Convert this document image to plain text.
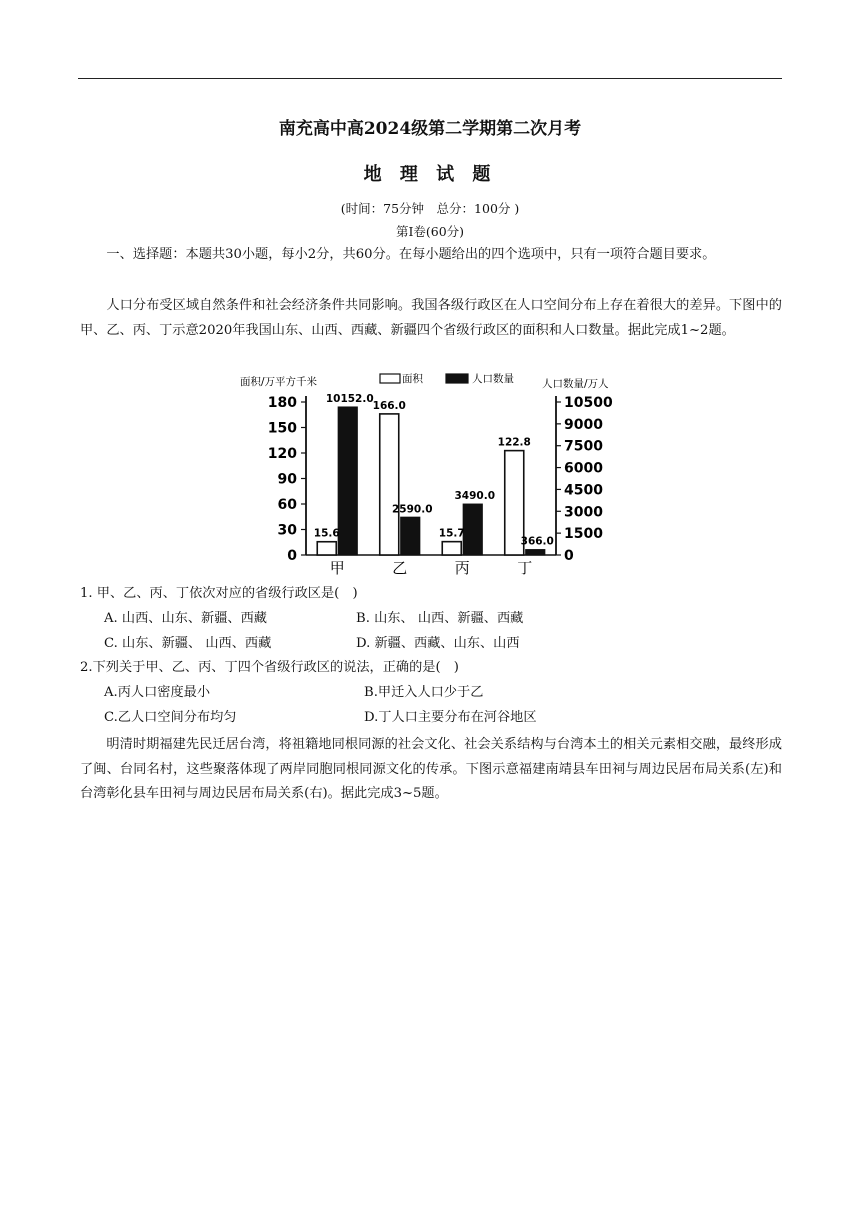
南充高中高2024级第二学期第二次月考
地 理 试 题
(时间：75分钟　总分：100分 )
第Ⅰ卷(60分)

一、选择题：本题共30小题，每小2分，共60分。在每小题给出的四个选项中，只有一项符合题目要求。

人口分布受区域自然条件和社会经济条件共同影响。我国各级行政区在人口空间分布上存在着很大的差异。下图中的甲、乙、丙、丁示意2020年我国山东、山西、西藏、新疆四个省级行政区的面积和人口数量。据此完成1~2题。

面积/万平方千米	人口数量/万人
面积	人口数量
0
30
60
90
120
150
180
0
1500
3000
4500
6000
7500
9000
10500
15.6
10152.0
甲
166.0
2590.0
乙
15.7
3490.0
丙
122.8
366.0
丁

1. 甲、乙、丙、丁依次对应的省级行政区是(　)

A. 山西、山东、新疆、西藏	B. 山东、 山西、新疆、西藏
C. 山东、新疆、 山西、西藏	D. 新疆、西藏、山东、山西

2.下列关于甲、乙、丙、丁四个省级行政区的说法，正确的是(　)

A.丙人口密度最小	B.甲迁入人口少于乙
C.乙人口空间分布均匀	D.丁人口主要分布在河谷地区

明清时期福建先民迁居台湾，将祖籍地同根同源的社会文化、社会关系结构与台湾本土的相关元素相交融，最终形成了闽、台同名村，这些聚落体现了两岸同胞同根同源文化的传承。下图示意福建南靖县车田祠与周边民居布局关系(左)和台湾彰化县车田祠与周边民居布局关系(右)。据此完成3~5题。
